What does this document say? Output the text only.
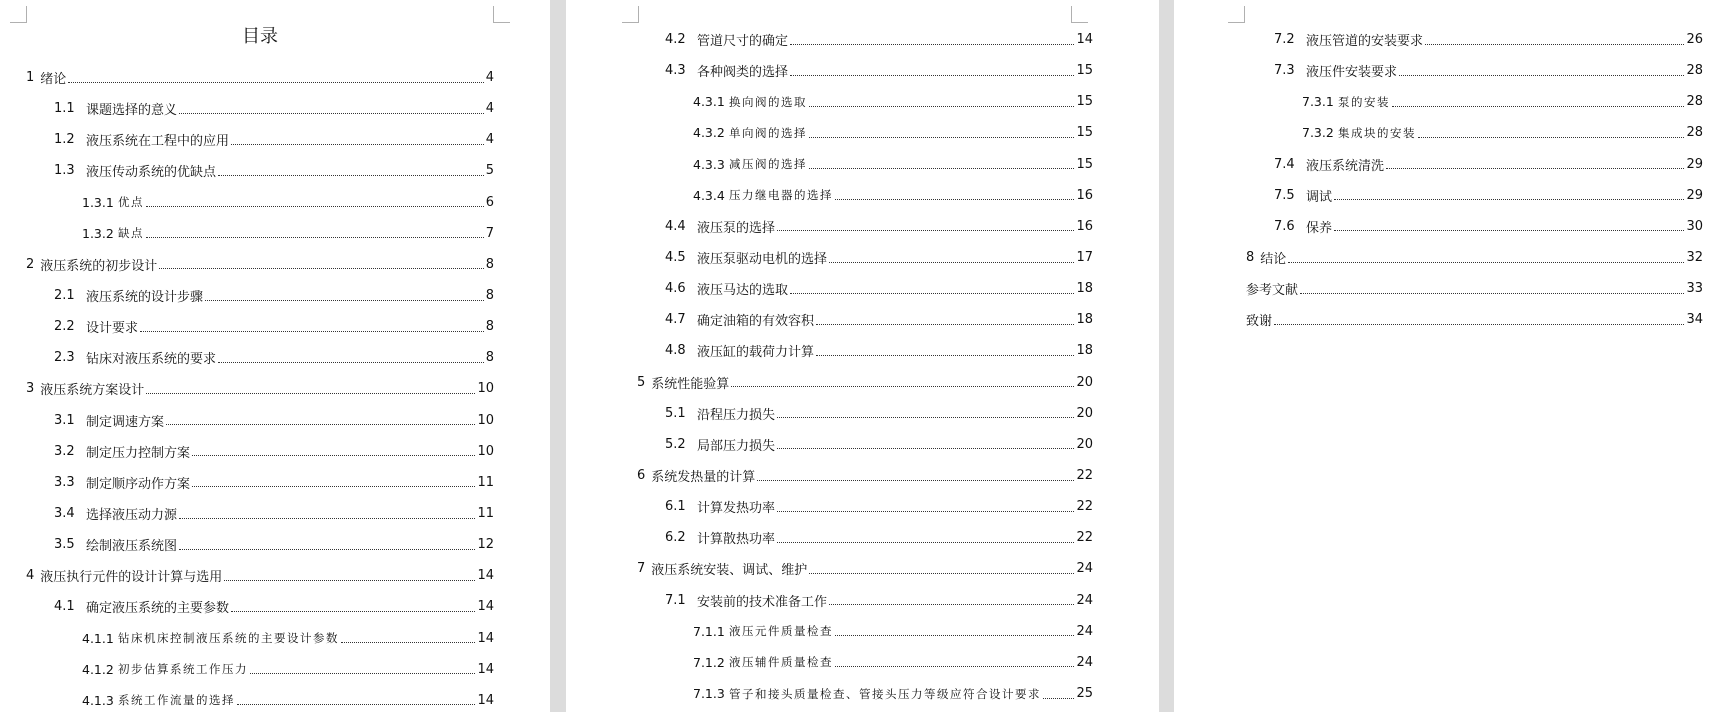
目录
1 绪论	4
1.1 课题选择的意义	4
1.2 液压系统在工程中的应用	4
1.3 液压传动系统的优缺点	5
1.3.1 优点	6
1.3.2 缺点	7
2 液压系统的初步设计	8
2.1 液压系统的设计步骤	8
2.2 设计要求	8
2.3 钻床对液压系统的要求	8
3 液压系统方案设计	10
3.1 制定调速方案	10
3.2 制定压力控制方案	10
3.3 制定顺序动作方案	11
3.4 选择液压动力源	11
3.5 绘制液压系统图	12
4 液压执行元件的设计计算与选用	14
4.1 确定液压系统的主要参数	14
4.1.1 钻床机床控制液压系统的主要设计参数	14
4.1.2 初步估算系统工作压力	14
4.1.3 系统工作流量的选择	14
4.2 管道尺寸的确定	14
4.3 各种阀类的选择	15
4.3.1 换向阀的选取	15
4.3.2 单向阀的选择	15
4.3.3 减压阀的选择	15
4.3.4 压力继电器的选择	16
4.4 液压泵的选择	16
4.5 液压泵驱动电机的选择	17
4.6 液压马达的选取	18
4.7 确定油箱的有效容积	18
4.8 液压缸的载荷力计算	18
5 系统性能验算	20
5.1 沿程压力损失	20
5.2 局部压力损失	20
6 系统发热量的计算	22
6.1 计算发热功率	22
6.2 计算散热功率	22
7 液压系统安装、调试、维护	24
7.1 安装前的技术准备工作	24
7.1.1 液压元件质量检查	24
7.1.2 液压辅件质量检查	24
7.1.3 管子和接头质量检查、管接头压力等级应符合设计要求	25
7.2 液压管道的安装要求	26
7.3 液压件安装要求	28
7.3.1 泵的安装	28
7.3.2 集成块的安装	28
7.4 液压系统清洗	29
7.5 调试	29
7.6 保养	30
8 结论	32
参考文献	33
致谢	34
